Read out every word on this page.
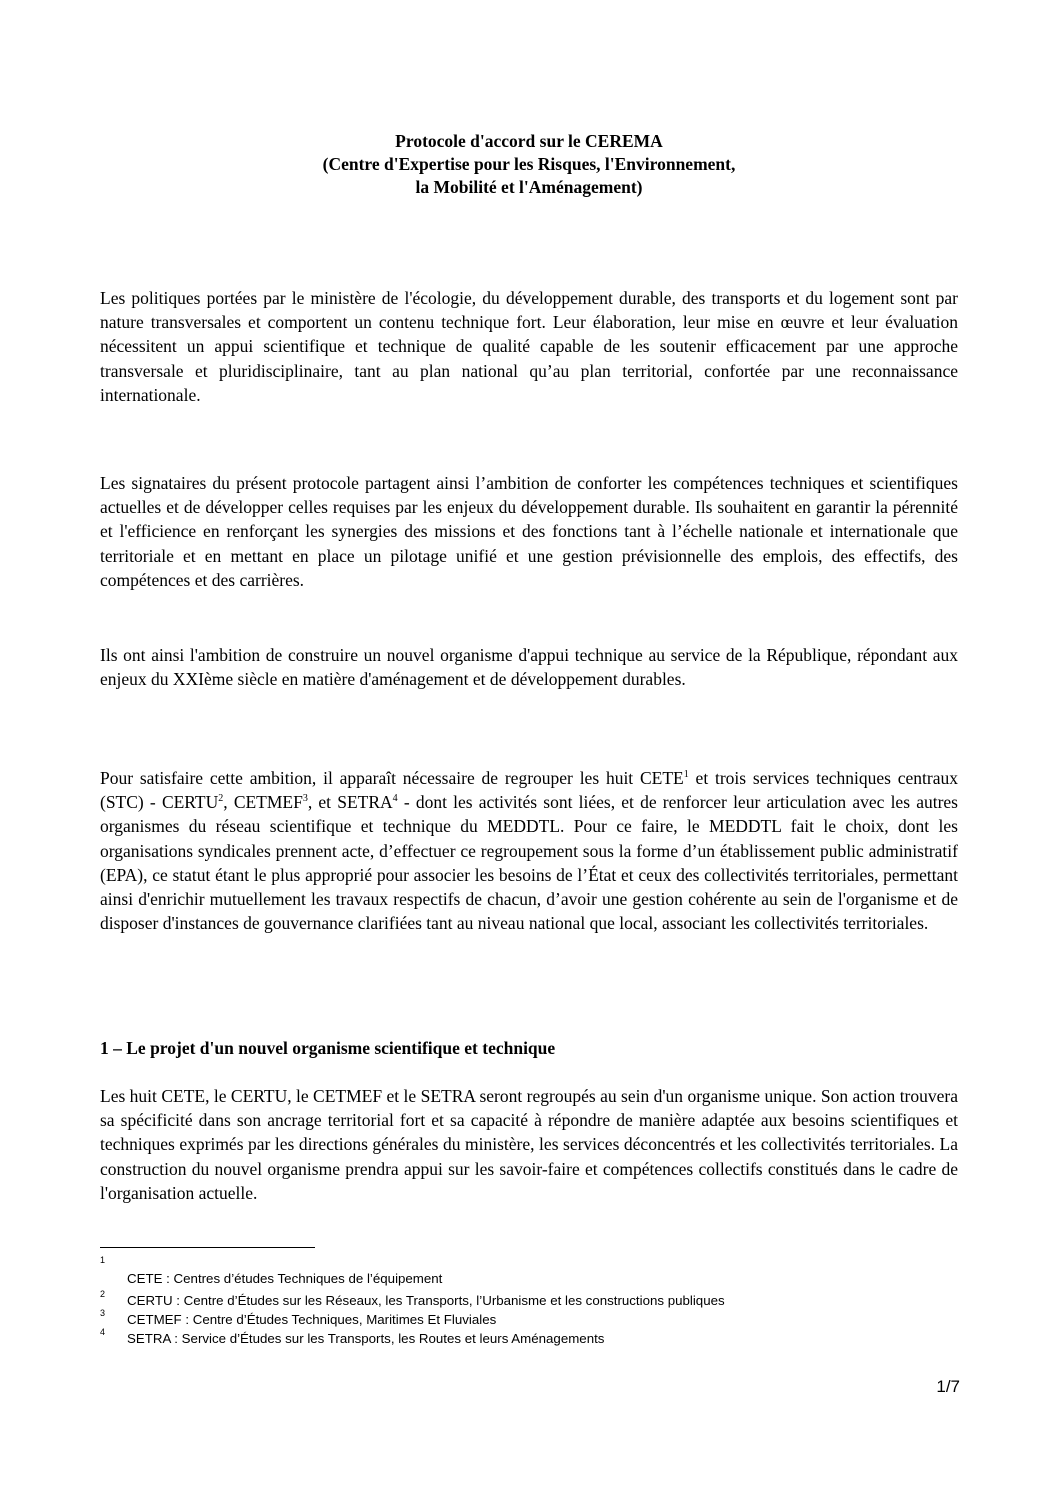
Protocole d'accord sur le CEREMA
(Centre d'Expertise pour les Risques, l'Environnement,
la Mobilité et l'Aménagement)
Les politiques portées par le ministère de l'écologie, du développement durable, des transports et du logement sont par nature transversales et comportent un contenu technique fort. Leur élaboration, leur mise en œuvre et leur évaluation nécessitent un appui scientifique et technique de qualité capable de les soutenir efficacement par une approche transversale et pluridisciplinaire, tant au plan national qu’au plan territorial, confortée par une reconnaissance internationale.
Les signataires du présent protocole partagent ainsi l’ambition de conforter les compétences techniques et scientifiques actuelles et de développer celles requises par les enjeux du développement durable. Ils souhaitent en garantir la pérennité et l'efficience en renforçant les synergies des missions et des fonctions tant à l’échelle nationale et internationale que territoriale et en mettant en place un pilotage unifié et une gestion prévisionnelle des emplois, des effectifs, des compétences et des carrières.
Ils ont ainsi l'ambition de construire un nouvel organisme d'appui technique au service de la République, répondant aux enjeux du XXIème siècle en matière d'aménagement et de développement durables.
Pour satisfaire cette ambition, il apparaît nécessaire de regrouper les huit CETE$^1$ et trois services techniques centraux (STC) - CERTU$^2$, CETMEF$^3$, et SETRA$^4$ - dont les activités sont liées, et de renforcer leur articulation avec les autres organismes du réseau scientifique et technique du MEDDTL. Pour ce faire, le MEDDTL fait le choix, dont les organisations syndicales prennent acte, d’effectuer ce regroupement sous la forme d’un établissement public administratif (EPA), ce statut étant le plus approprié pour associer les besoins de l’État et ceux des collectivités territoriales, permettant ainsi d'enrichir mutuellement les travaux respectifs de chacun, d’avoir une gestion cohérente au sein de l'organisme et de disposer d'instances de gouvernance clarifiées tant au niveau national que local, associant les collectivités territoriales.
1 – Le projet d'un nouvel organisme scientifique et technique
Les huit CETE, le CERTU, le CETMEF et le SETRA seront regroupés au sein d'un organisme unique. Son action trouvera sa spécificité dans son ancrage territorial fort et sa capacité à répondre de manière adaptée aux besoins scientifiques et techniques exprimés par les directions générales du ministère, les services déconcentrés et les collectivités territoriales. La construction du nouvel organisme prendra appui sur les savoir-faire et compétences collectifs constitués dans le cadre de l'organisation actuelle.
1
CETE : Centres d’études Techniques de l’équipement
2 CERTU : Centre d’Études sur les Réseaux, les Transports, l’Urbanisme et les constructions publiques
3 CETMEF : Centre d’Études Techniques, Maritimes Et Fluviales
4 SETRA : Service d’Études sur les Transports, les Routes et leurs Aménagements
1/7
